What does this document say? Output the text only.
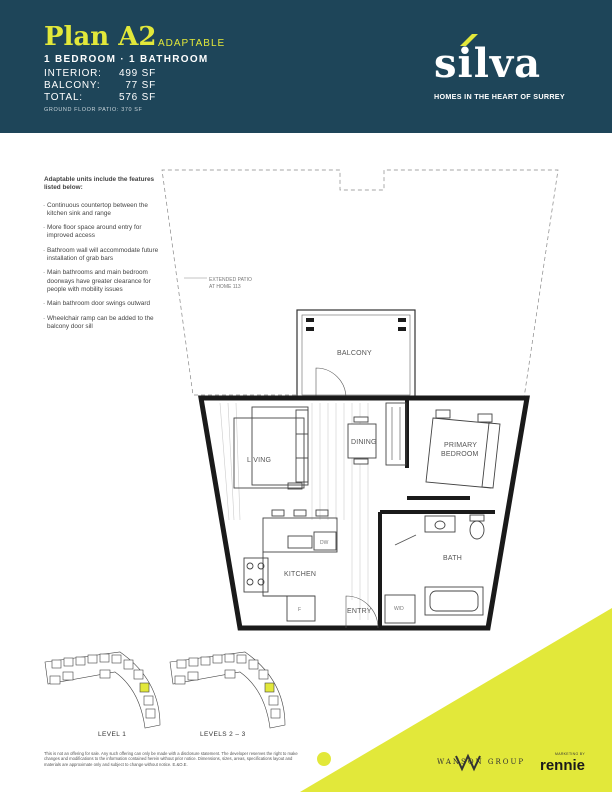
Plan A2 ADAPTABLE
1 BEDROOM · 1 BATHROOM
INTERIOR: 499 SF
BALCONY: 77 SF
TOTAL:	576 SF
GROUND FLOOR PATIO: 370 SF
silva
HOMES IN THE HEART OF SURREY
Adaptable units include the features listed below:
· Continuous countertop between the kitchen sink and range
· More floor space around entry for improved access
· Bathroom wall will accommodate future installation of grab bars
· Main bathrooms and main bedroom doorways have greater clearance for people with mobility issues
· Main bathroom door swings outward
· Wheelchair ramp can be added to the balcony door sill
EXTENDED PATIO
AT HOME 113
BALCONY
LIVING
DINING	PRIMARY
BEDROOM
BATH
W/D
DW
KITCHEN
F	ENTRY
LEVEL 1	LEVELS 2 – 3
This is not an offering for sale. Any such offering can only be made with a disclosure statement. The developer reserves the right to make changes and modifications to the information contained herein without prior notice. Dimensions, sizes, areas, specifications layout and materials are approximate only and subject to change without notice. E.&O.E.	WANSON GROUP
MARKETING BY
rennie
